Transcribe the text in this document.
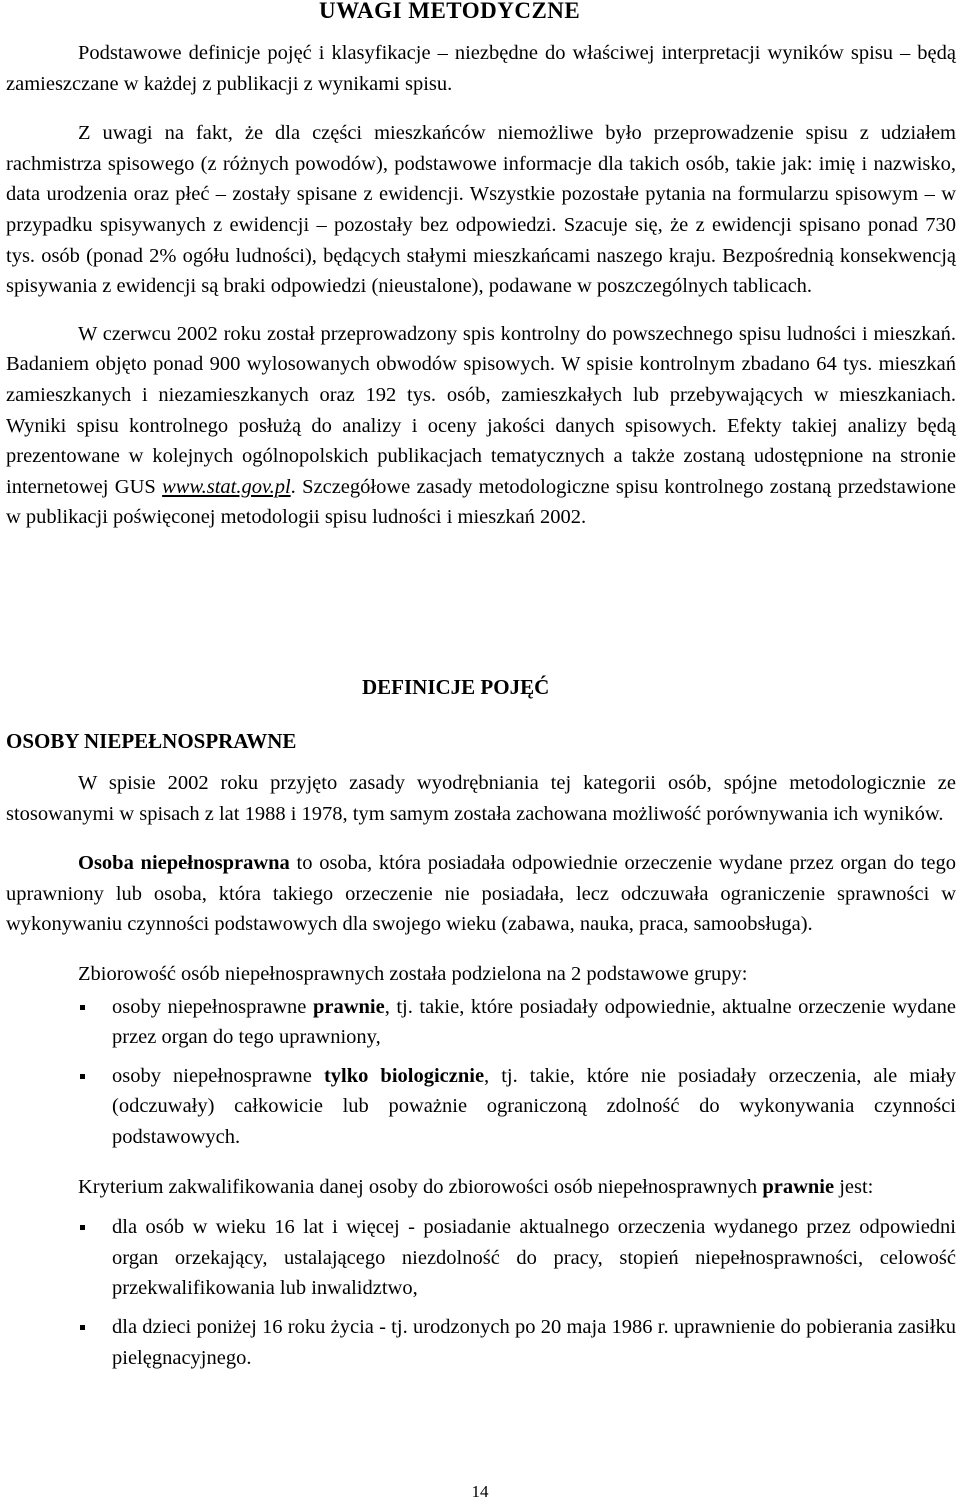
UWAGI METODYCZNE

Podstawowe definicje pojęć i klasyfikacje – niezbędne do właściwej interpretacji wyników spisu – będą zamieszczane w każdej z publikacji z wynikami spisu.

Z uwagi na fakt, że dla części mieszkańców niemożliwe było przeprowadzenie spisu z udziałem rachmistrza spisowego (z różnych powodów), podstawowe informacje dla takich osób, takie jak: imię i nazwisko, data urodzenia oraz płeć – zostały spisane z ewidencji. Wszystkie pozostałe pytania na formularzu spisowym – w przypadku spisywanych z ewidencji – pozostały bez odpowiedzi. Szacuje się, że z ewidencji spisano ponad 730 tys. osób (ponad 2% ogółu ludności), będących stałymi mieszkańcami naszego kraju. Bezpośrednią konsekwencją spisywania z ewidencji są braki odpowiedzi (nieustalone), podawane w poszczególnych tablicach.

W czerwcu 2002 roku został przeprowadzony spis kontrolny do powszechnego spisu ludności i mieszkań. Badaniem objęto ponad 900 wylosowanych obwodów spisowych. W spisie kontrolnym zbadano 64 tys. mieszkań zamieszkanych i niezamieszkanych oraz 192 tys. osób, zamieszkałych lub przebywających w mieszkaniach. Wyniki spisu kontrolnego posłużą do analizy i oceny jakości danych spisowych. Efekty takiej analizy będą prezentowane w kolejnych ogólnopolskich publikacjach tematycznych a także zostaną udostępnione na stronie internetowej GUS www.stat.gov.pl. Szczegółowe zasady metodologiczne spisu kontrolnego zostaną przedstawione w publikacji poświęconej metodologii spisu ludności i mieszkań 2002.

DEFINICJE POJĘĆ
OSOBY NIEPEŁNOSPRAWNE

W spisie 2002 roku przyjęto zasady wyodrębniania tej kategorii osób, spójne metodologicznie ze stosowanymi w spisach z lat 1988 i 1978, tym samym została zachowana możliwość porównywania ich wyników.

Osoba niepełnosprawna to osoba, która posiadała odpowiednie orzeczenie wydane przez organ do tego uprawniony lub osoba, która takiego orzeczenie nie posiadała, lecz odczuwała ograniczenie sprawności w wykonywaniu czynności podstawowych dla swojego wieku (zabawa, nauka, praca, samoobsługa).

Zbiorowość osób niepełnosprawnych została podzielona na 2 podstawowe grupy:

osoby niepełnosprawne prawnie, tj. takie, które posiadały odpowiednie, aktualne orzeczenie wydane przez organ do tego uprawniony,
osoby niepełnosprawne tylko biologicznie, tj. takie, które nie posiadały orzeczenia, ale miały (odczuwały) całkowicie lub poważnie ograniczoną zdolność do wykonywania czynności podstawowych.

Kryterium zakwalifikowania danej osoby do zbiorowości osób niepełnosprawnych prawnie jest:

dla osób w wieku 16 lat i więcej - posiadanie aktualnego orzeczenia wydanego przez odpowiedni organ orzekający, ustalającego niezdolność do pracy, stopień niepełnosprawności, celowość przekwalifikowania lub inwalidztwo,
dla dzieci poniżej 16 roku życia - tj. urodzonych po 20 maja 1986 r. uprawnienie do pobierania zasiłku pielęgnacyjnego.
14
